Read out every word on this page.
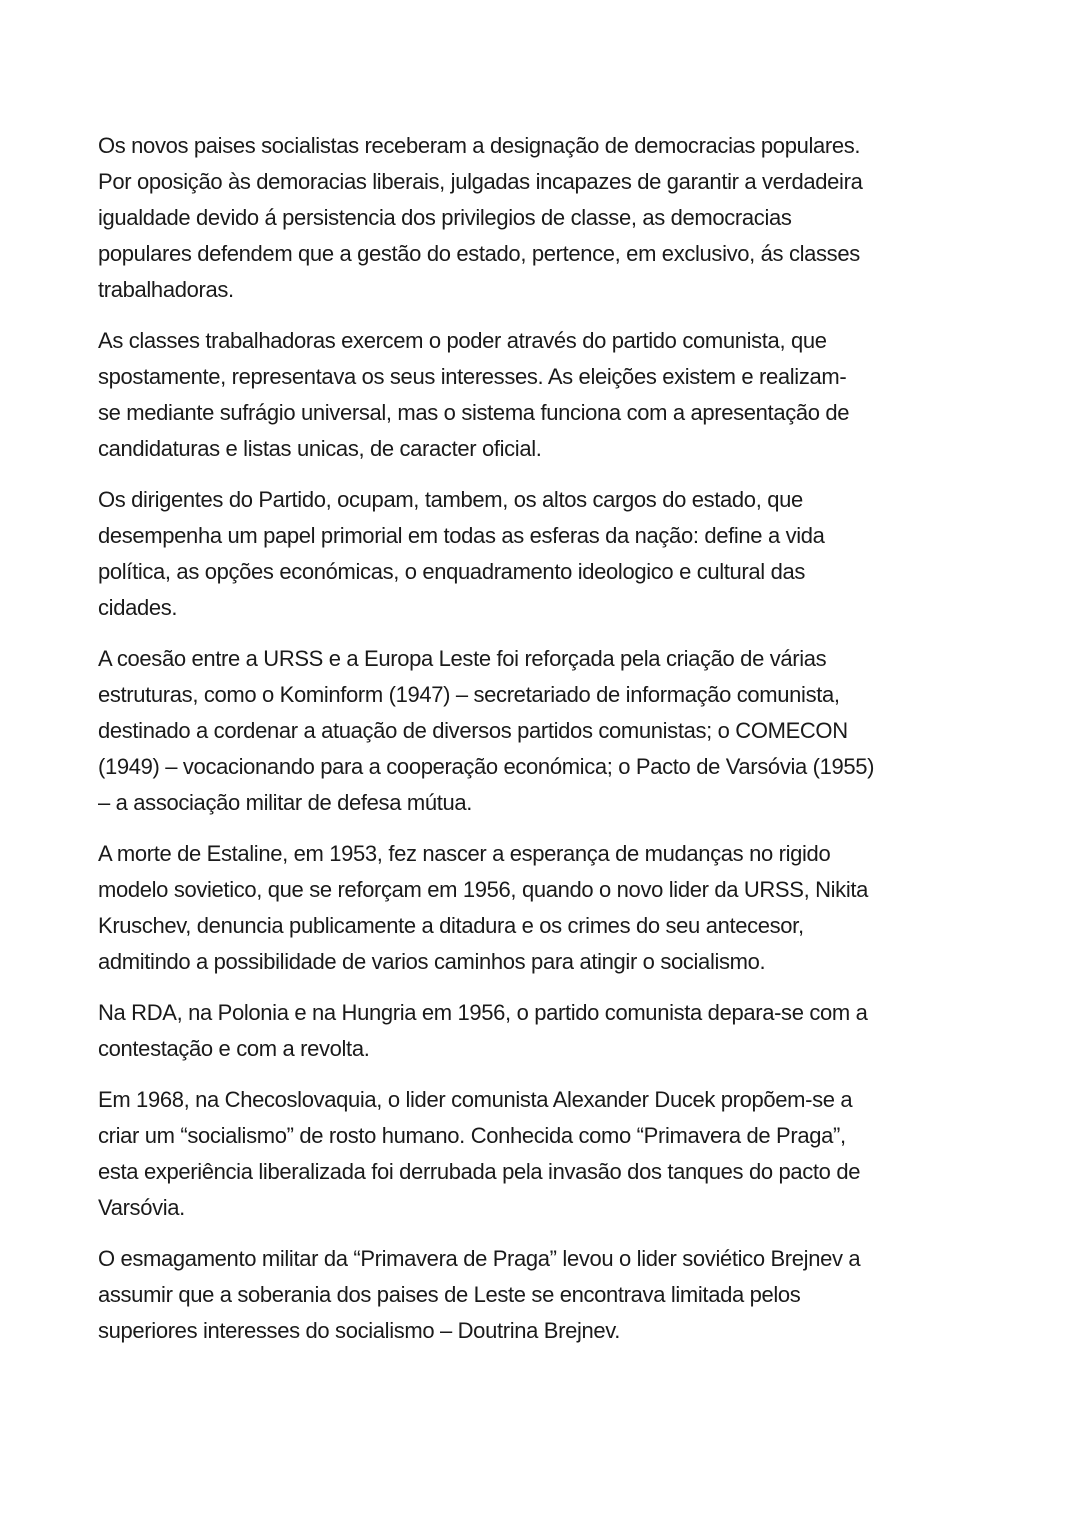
Os novos paises socialistas receberam a designação de democracias populares.
Por oposição às demoracias liberais, julgadas incapazes de garantir a verdadeira
igualdade devido á persistencia dos privilegios de classe, as democracias
populares defendem que a gestão do estado, pertence, em exclusivo, ás classes
trabalhadoras.

As classes trabalhadoras exercem o poder através do partido comunista, que
spostamente, representava os seus interesses. As eleições existem e realizam-
se mediante sufrágio universal, mas o sistema funciona com a apresentação de
candidaturas e listas unicas, de caracter oficial.

Os dirigentes do Partido, ocupam, tambem, os altos cargos do estado, que
desempenha um papel primorial em todas as esferas da nação: define a vida
política, as opções económicas, o enquadramento ideologico e cultural das
cidades.

A coesão entre a URSS e a Europa Leste foi reforçada pela criação de várias
estruturas, como o Kominform (1947) – secretariado de informação comunista,
destinado a cordenar a atuação de diversos partidos comunistas; o COMECON
(1949) – vocacionando para a cooperação económica; o Pacto de Varsóvia (1955)
– a associação militar de defesa mútua.

A morte de Estaline, em 1953, fez nascer a esperança de mudanças no rigido
modelo sovietico, que se reforçam em 1956, quando o novo lider da URSS, Nikita
Kruschev, denuncia publicamente a ditadura e os crimes do seu antecesor,
admitindo a possibilidade de varios caminhos para atingir o socialismo.

Na RDA, na Polonia e na Hungria em 1956, o partido comunista depara-se com a
contestação e com a revolta.

Em 1968, na Checoslovaquia, o lider comunista Alexander Ducek propõem-se a
criar um “socialismo” de rosto humano. Conhecida como “Primavera de Praga”,
esta experiência liberalizada foi derrubada pela invasão dos tanques do pacto de
Varsóvia.

O esmagamento militar da “Primavera de Praga” levou o lider soviético Brejnev a
assumir que a soberania dos paises de Leste se encontrava limitada pelos
superiores interesses do socialismo – Doutrina Brejnev.
